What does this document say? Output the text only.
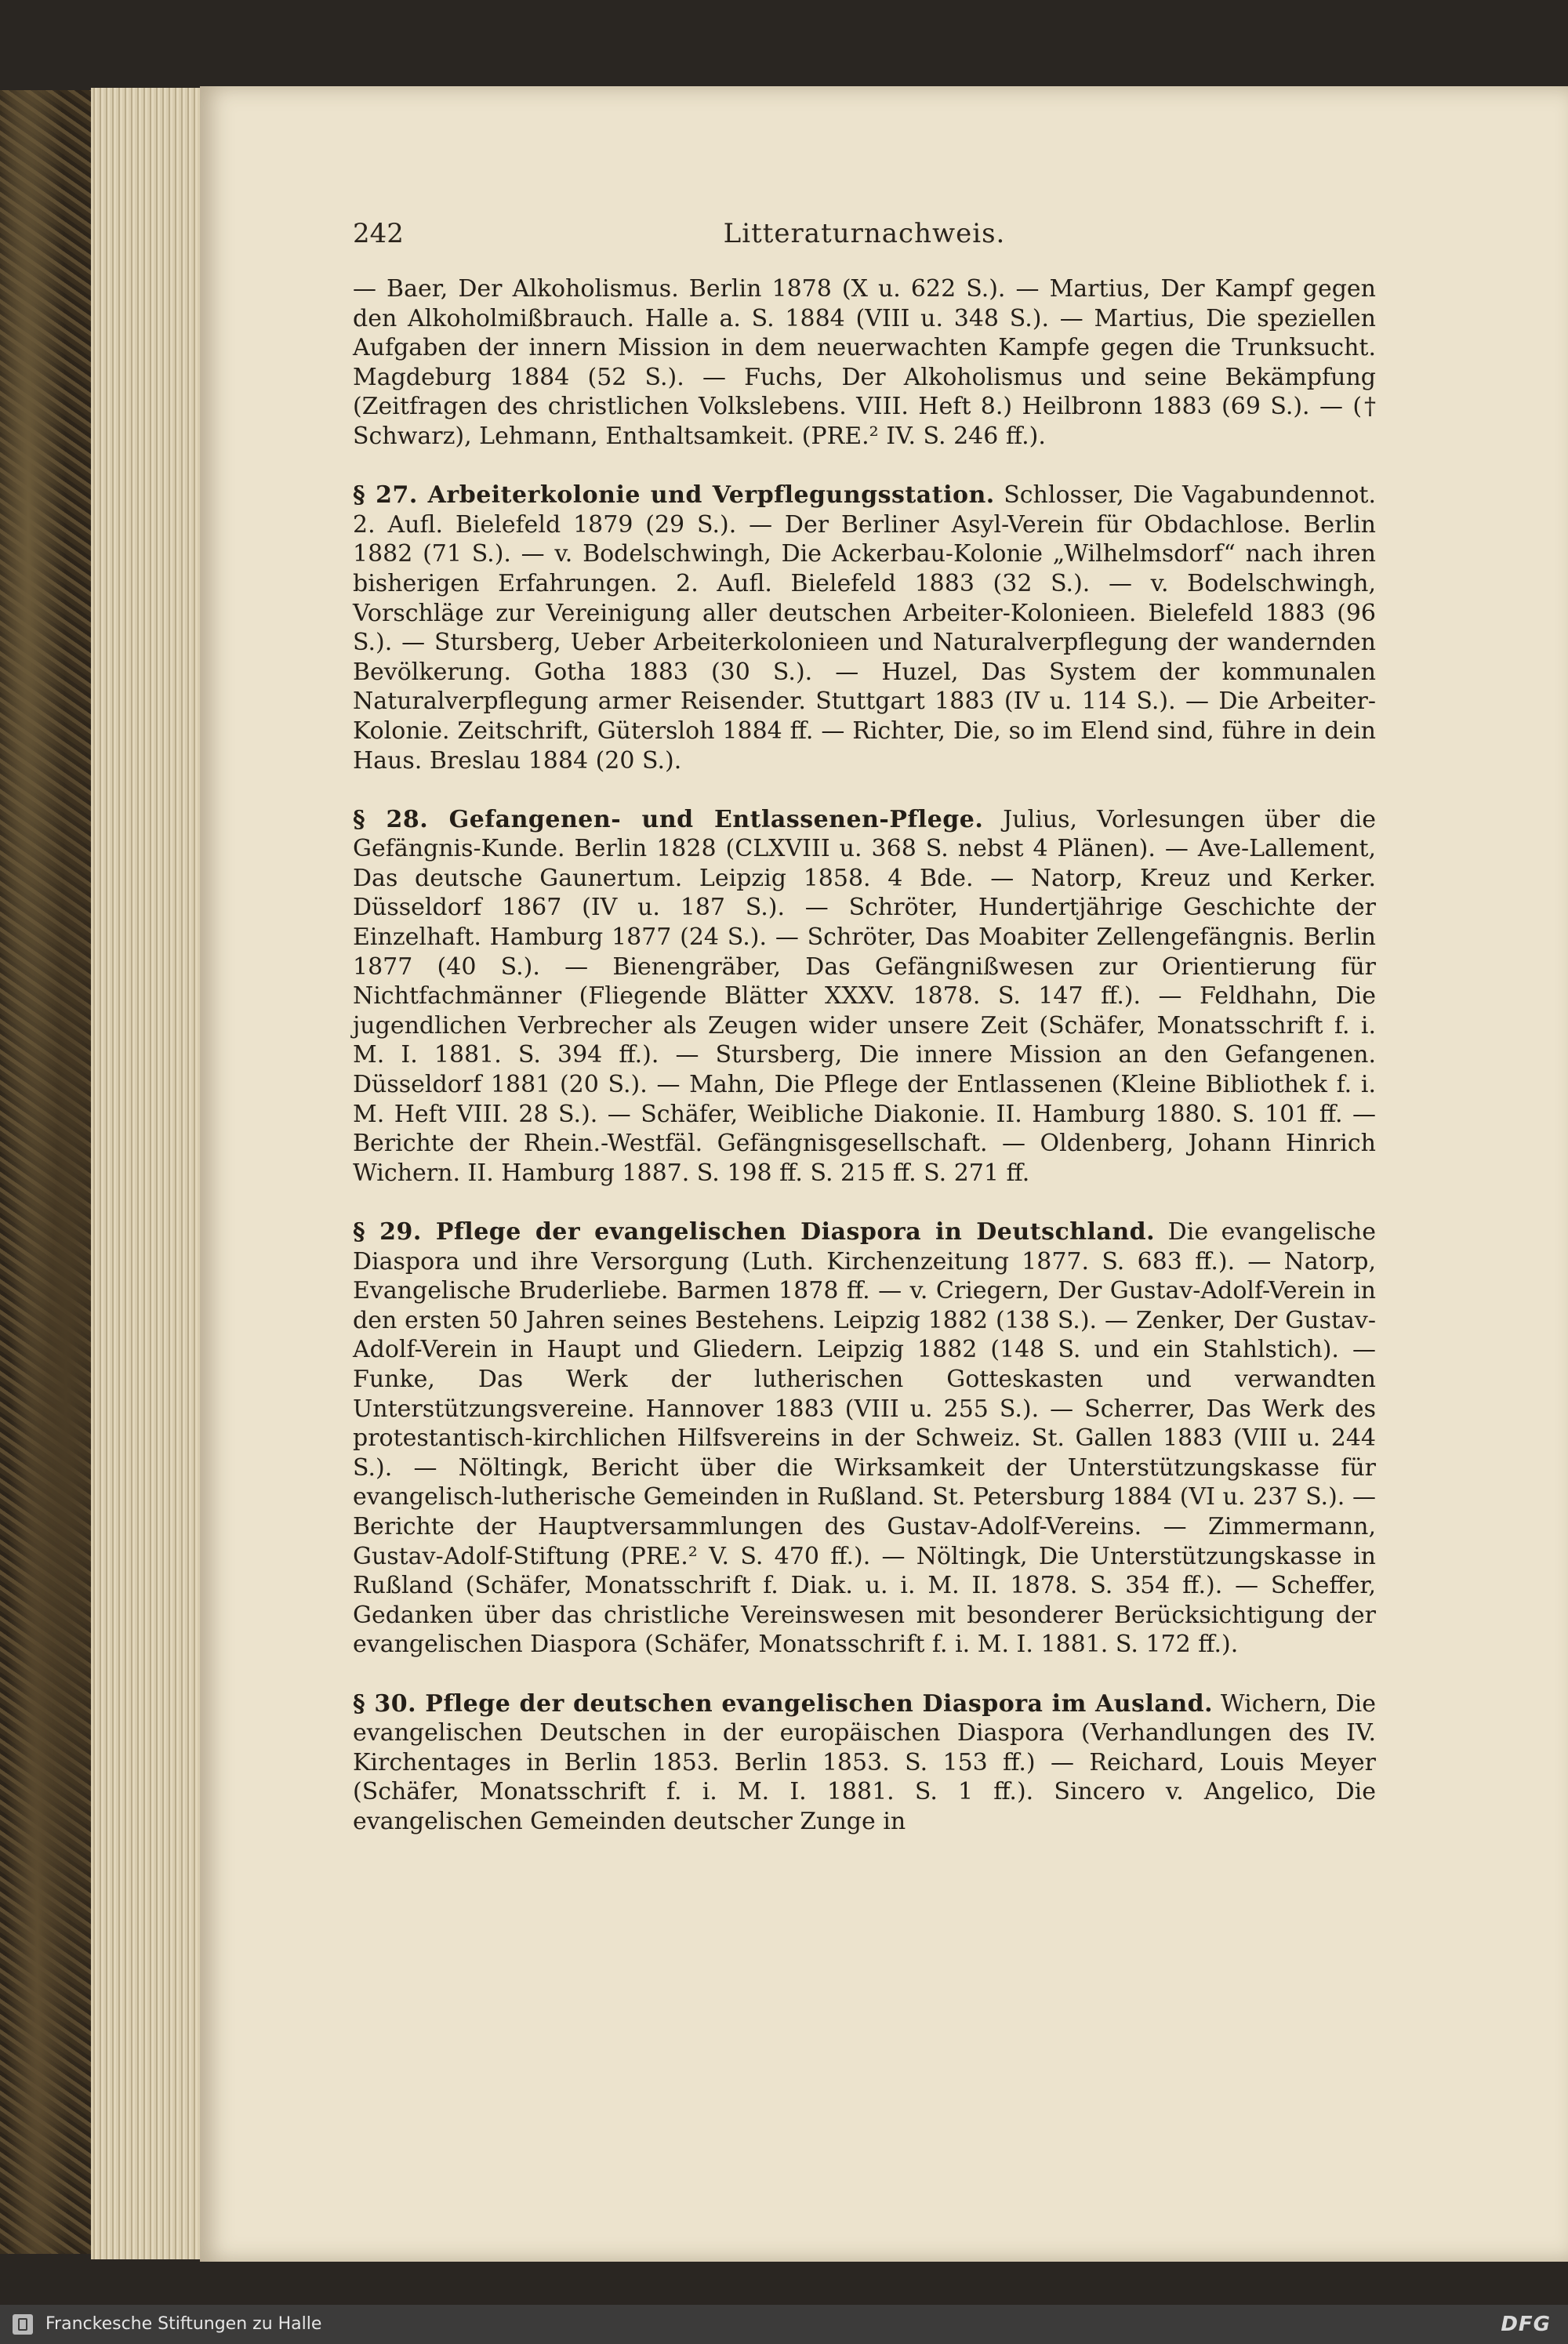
242	Litteraturnachweis.

— Baer, Der Alkoholismus. Berlin 1878 (X u. 622 S.). — Martius, Der Kampf gegen den Alkoholmißbrauch. Halle a. S. 1884 (VIII u. 348 S.). — Martius, Die speziellen Aufgaben der innern Mission in dem neuerwachten Kampfe gegen die Trunksucht. Magdeburg 1884 (52 S.). — Fuchs, Der Alkoholismus und seine Bekämpfung (Zeitfragen des christlichen Volkslebens. VIII. Heft 8.) Heilbronn 1883 (69 S.). — († Schwarz), Lehmann, Enthaltsamkeit. (PRE.² IV. S. 246 ff.).

§ 27. Arbeiterkolonie und Verpflegungsstation. Schlosser, Die Vagabundennot. 2. Aufl. Bielefeld 1879 (29 S.). — Der Berliner Asyl-Verein für Obdachlose. Berlin 1882 (71 S.). — v. Bodelschwingh, Die Ackerbau-Kolonie „Wilhelmsdorf“ nach ihren bisherigen Erfahrungen. 2. Aufl. Bielefeld 1883 (32 S.). — v. Bodelschwingh, Vorschläge zur Vereinigung aller deutschen Arbeiter-Kolonieen. Bielefeld 1883 (96 S.). — Stursberg, Ueber Arbeiterkolonieen und Naturalverpflegung der wandernden Bevölkerung. Gotha 1883 (30 S.). — Huzel, Das System der kommunalen Naturalverpflegung armer Reisender. Stuttgart 1883 (IV u. 114 S.). — Die Arbeiter-Kolonie. Zeitschrift, Gütersloh 1884 ff. — Richter, Die, so im Elend sind, führe in dein Haus. Breslau 1884 (20 S.).

§ 28. Gefangenen- und Entlassenen-Pflege. Julius, Vorlesungen über die Gefängnis-Kunde. Berlin 1828 (CLXVIII u. 368 S. nebst 4 Plänen). — Ave-Lallement, Das deutsche Gaunertum. Leipzig 1858. 4 Bde. — Natorp, Kreuz und Kerker. Düsseldorf 1867 (IV u. 187 S.). — Schröter, Hundertjährige Geschichte der Einzelhaft. Hamburg 1877 (24 S.). — Schröter, Das Moabiter Zellengefängnis. Berlin 1877 (40 S.). — Bienengräber, Das Gefängnißwesen zur Orientierung für Nichtfachmänner (Fliegende Blätter XXXV. 1878. S. 147 ff.). — Feldhahn, Die jugendlichen Verbrecher als Zeugen wider unsere Zeit (Schäfer, Monatsschrift f. i. M. I. 1881. S. 394 ff.). — Stursberg, Die innere Mission an den Gefangenen. Düsseldorf 1881 (20 S.). — Mahn, Die Pflege der Entlassenen (Kleine Bibliothek f. i. M. Heft VIII. 28 S.). — Schäfer, Weibliche Diakonie. II. Hamburg 1880. S. 101 ff. — Berichte der Rhein.-Westfäl. Gefängnisgesellschaft. — Oldenberg, Johann Hinrich Wichern. II. Hamburg 1887. S. 198 ff. S. 215 ff. S. 271 ff.

§ 29. Pflege der evangelischen Diaspora in Deutschland. Die evangelische Diaspora und ihre Versorgung (Luth. Kirchenzeitung 1877. S. 683 ff.). — Natorp, Evangelische Bruderliebe. Barmen 1878 ff. — v. Criegern, Der Gustav-Adolf-Verein in den ersten 50 Jahren seines Bestehens. Leipzig 1882 (138 S.). — Zenker, Der Gustav-Adolf-Verein in Haupt und Gliedern. Leipzig 1882 (148 S. und ein Stahlstich). — Funke, Das Werk der lutherischen Gotteskasten und verwandten Unterstützungsvereine. Hannover 1883 (VIII u. 255 S.). — Scherrer, Das Werk des protestantisch-kirchlichen Hilfsvereins in der Schweiz. St. Gallen 1883 (VIII u. 244 S.). — Nöltingk, Bericht über die Wirksamkeit der Unterstützungskasse für evangelisch-lutherische Gemeinden in Rußland. St. Petersburg 1884 (VI u. 237 S.). — Berichte der Hauptversammlungen des Gustav-Adolf-Vereins. — Zimmermann, Gustav-Adolf-Stiftung (PRE.² V. S. 470 ff.). — Nöltingk, Die Unterstützungskasse in Rußland (Schäfer, Monatsschrift f. Diak. u. i. M. II. 1878. S. 354 ff.). — Scheffer, Gedanken über das christliche Vereinswesen mit besonderer Berücksichtigung der evangelischen Diaspora (Schäfer, Monatsschrift f. i. M. I. 1881. S. 172 ff.).

§ 30. Pflege der deutschen evangelischen Diaspora im Ausland. Wichern, Die evangelischen Deutschen in der europäischen Diaspora (Verhandlungen des IV. Kirchentages in Berlin 1853. Berlin 1853. S. 153 ff.) — Reichard, Louis Meyer (Schäfer, Monatsschrift f. i. M. I. 1881. S. 1 ff.). Sincero v. Angelico, Die evangelischen Gemeinden deutscher Zunge in

Franckesche Stiftungen zu Halle	DFG
